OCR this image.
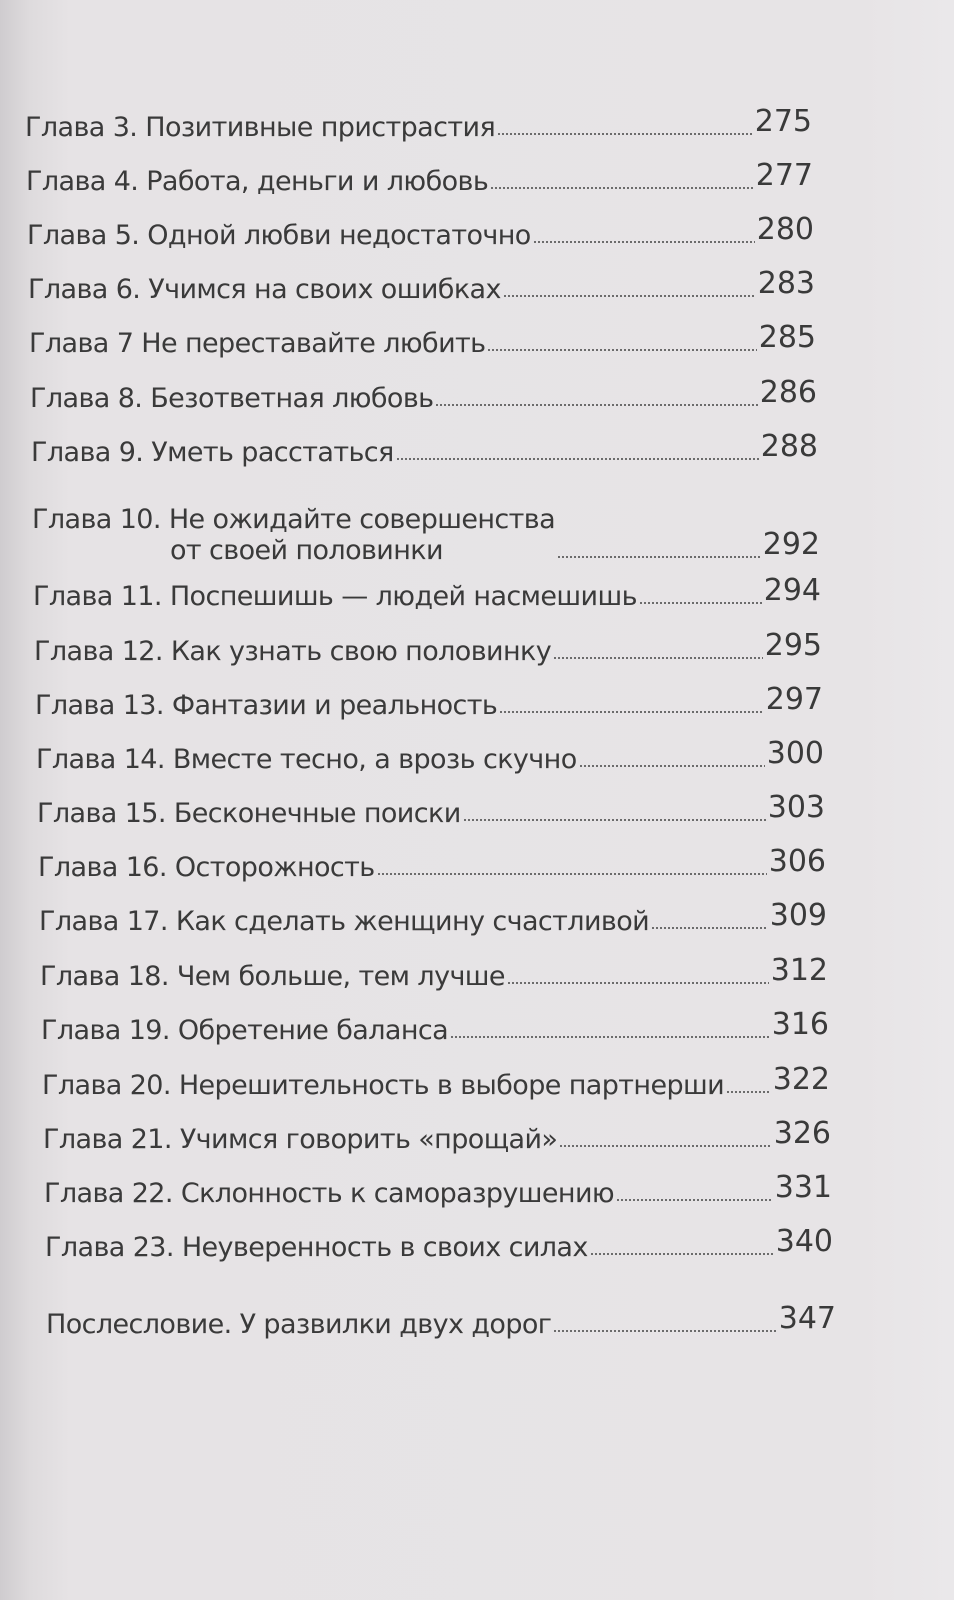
Глава 3. Позитивные пристрастия	275
Глава 4. Работа, деньги и любовь	277
Глава 5. Одной любви недостаточно	280
Глава 6. Учимся на своих ошибках	283
Глава 7 Не переставайте любить	285
Глава 8. Безответная любовь	286
Глава 9. Уметь расстаться	288
Глава 10. Не ожидайте совершенства
от своей половинки	292
Глава 11. Поспешишь — людей насмешишь	294
Глава 12. Как узнать свою половинку	295
Глава 13. Фантазии и реальность	297
Глава 14. Вместе тесно, а врозь скучно	300
Глава 15. Бесконечные поиски	303
Глава 16. Осторожность	306
Глава 17. Как сделать женщину счастливой	309
Глава 18. Чем больше, тем лучше	312
Глава 19. Обретение баланса	316
Глава 20. Нерешительность в выборе партнерши 322
Глава 21. Учимся говорить «прощай»	326
Глава 22. Склонность к саморазрушению	331
Глава 23. Неуверенность в своих силах	340
Послесловие. У развилки двух дорог	347
